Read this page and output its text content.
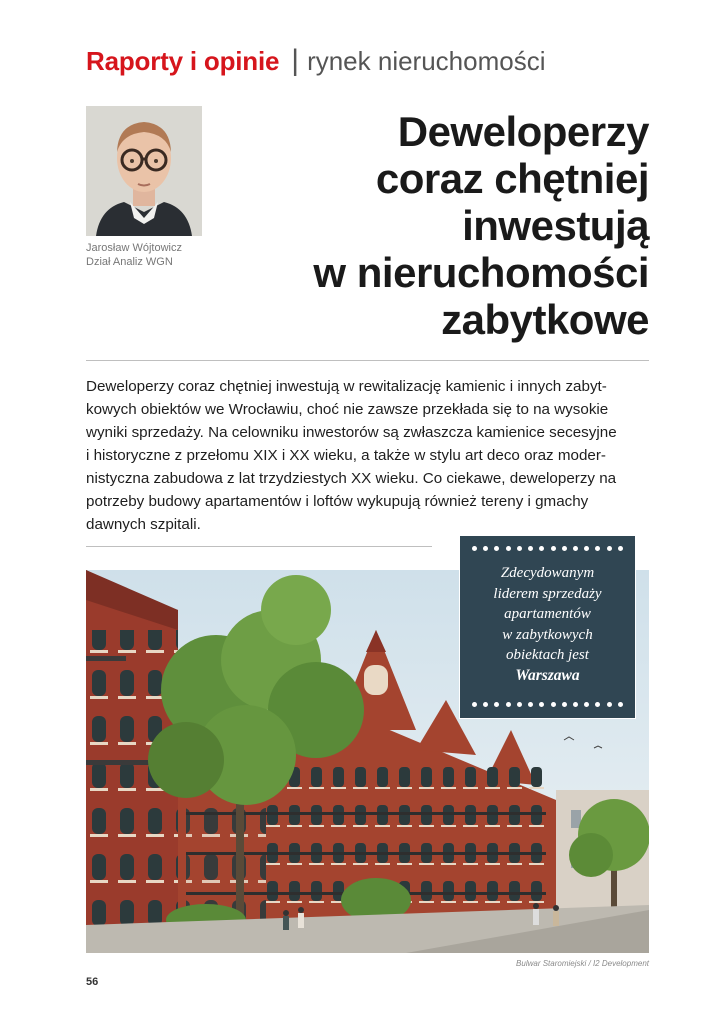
Raporty i opinie | rynek nieruchomości
Jarosław Wójtowicz
Dział Analiz WGN
Deweloperzy
coraz chętniej
inwestują
w nieruchomości
zabytkowe
Deweloperzy coraz chętniej inwestują w rewitalizację kamienic i innych zabyt-
kowych obiektów we Wrocławiu, choć nie zawsze przekłada się to na wysokie
wyniki sprzedaży. Na celowniku inwestorów są zwłaszcza kamienice secesyjne
i historyczne z przełomu XIX i XX wieku, a także w stylu art deco oraz moder-
nistyczna zabudowa z lat trzydziestych XX wieku. Co ciekawe, deweloperzy na
potrzeby budowy apartamentów i loftów wykupują również tereny i gmachy
dawnych szpitali.
Zdecydowanym
liderem sprzedaży
apartamentów
w zabytkowych
obiektach jest
Warszawa
Bulwar Staromiejski / I2 Development
56
